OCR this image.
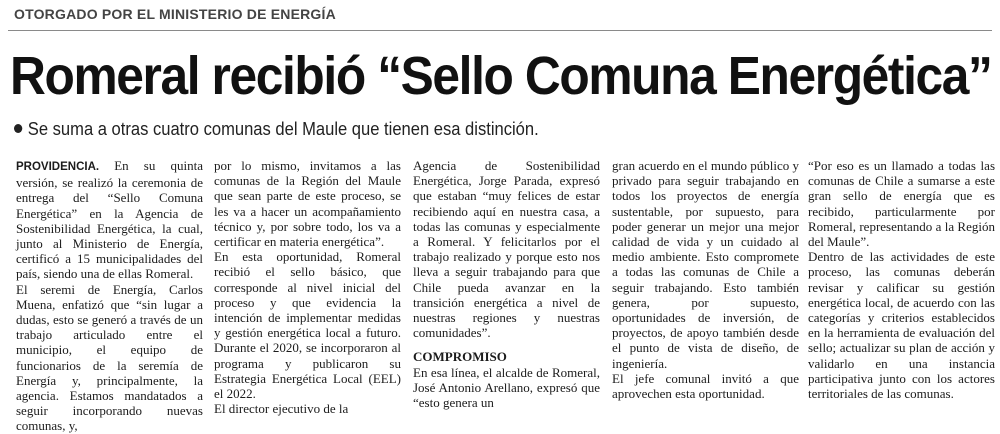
OTORGADO POR EL MINISTERIO DE ENERGÍA
Romeral recibió “Sello Comuna Energética”
Se suma a otras cuatro comunas del Maule que tienen esa distinción.

PROVIDENCIA. En su quinta versión, se realizó la ceremonia de entrega del “Sello Comuna Energética” en la Agencia de Sostenibilidad Energética, la cual, junto al Ministerio de Energía, certificó a 15 municipalidades del país, siendo una de ellas Romeral.

El seremi de Energía, Carlos Muena, enfatizó que “sin lugar a dudas, esto se generó a través de un trabajo articulado entre el municipio, el equipo de funcionarios de la seremía de Energía y, principalmente, la agencia. Estamos mandatados a seguir incorporando nuevas comunas, y,

por lo mismo, invitamos a las comunas de la Región del Maule que sean parte de este proceso, se les va a hacer un acompañamiento técnico y, por sobre todo, los va a certificar en materia energética”.

En esta oportunidad, Romeral recibió el sello básico, que corresponde al nivel inicial del proceso y que evidencia la intención de implementar medidas y gestión energética local a futuro. Durante el 2020, se incorporaron al programa y publicaron su Estrategia Energética Local (EEL) el 2022.

El director ejecutivo de la

Agencia de Sostenibilidad Energética, Jorge Parada, expresó que estaban “muy felices de estar recibiendo aquí en nuestra casa, a todas las comunas y especialmente a Romeral. Y felicitarlos por el trabajo realizado y porque esto nos lleva a seguir trabajando para que Chile pueda avanzar en la transición energética a nivel de nuestras regiones y nuestras comunidades”.

COMPROMISO

En esa línea, el alcalde de Romeral, José Antonio Arellano, expresó que “esto genera un

gran acuerdo en el mundo público y privado para seguir trabajando en todos los proyectos de energía sustentable, por supuesto, para poder generar un mejor una mejor calidad de vida y un cuidado al medio ambiente. Esto compromete a todas las comunas de Chile a seguir trabajando. Esto también genera, por supuesto, oportunidades de inversión, de proyectos, de apoyo también desde el punto de vista de diseño, de ingeniería.

El jefe comunal invitó a que aprovechen esta oportunidad.

“Por eso es un llamado a todas las comunas de Chile a sumarse a este gran sello de energía que es recibido, particularmente por Romeral, representando a la Región del Maule”.

Dentro de las actividades de este proceso, las comunas deberán revisar y calificar su gestión energética local, de acuerdo con las categorías y criterios establecidos en la herramienta de evaluación del sello; actualizar su plan de acción y validarlo en una instancia participativa junto con los actores territoriales de las comunas.
